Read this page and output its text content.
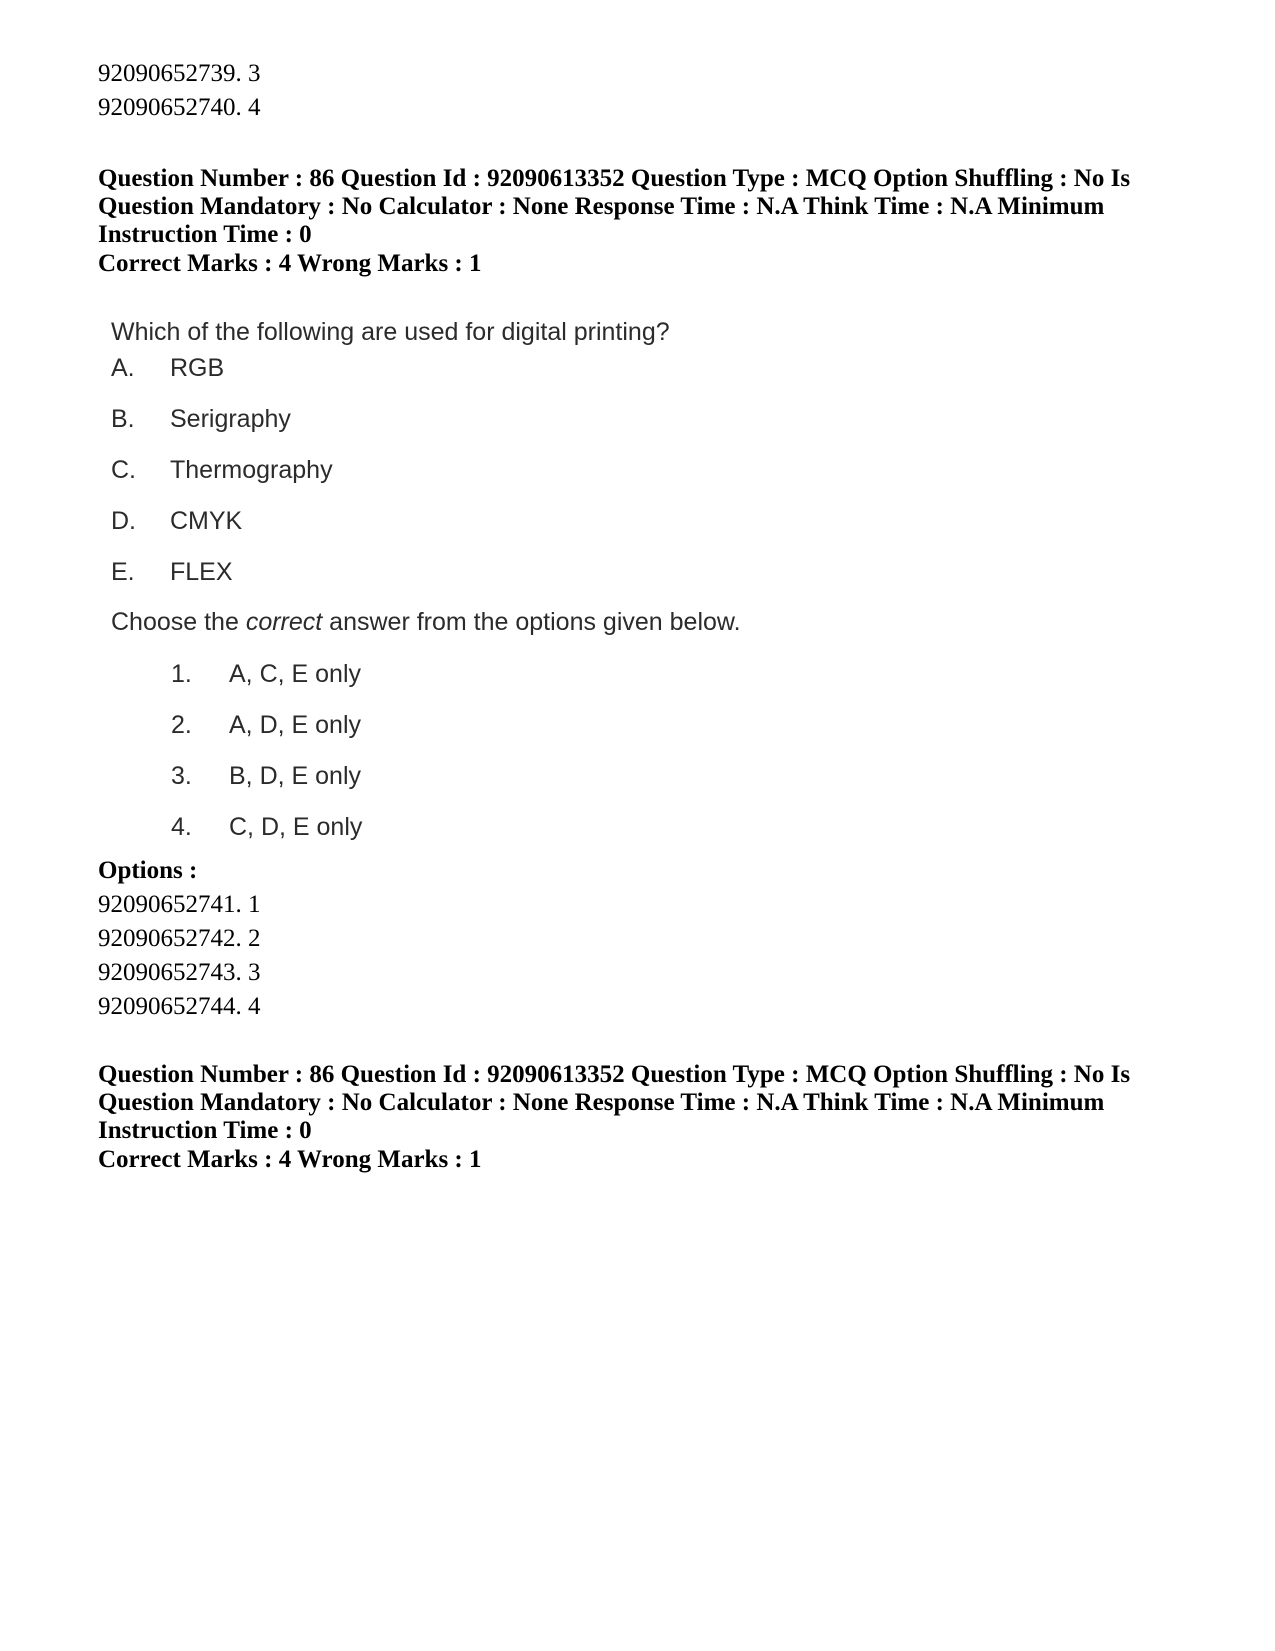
92090652739. 3
92090652740. 4
Question Number : 86 Question Id : 92090613352 Question Type : MCQ Option Shuffling : No Is Question Mandatory : No Calculator : None Response Time : N.A Think Time : N.A Minimum Instruction Time : 0
Correct Marks : 4 Wrong Marks : 1
Which of the following are used for digital printing?
A. RGB
B. Serigraphy
C. Thermography
D. CMYK
E. FLEX
Choose the correct answer from the options given below.
1. A, C, E only
2. A, D, E only
3. B, D, E only
4. C, D, E only
Options :
92090652741. 1
92090652742. 2
92090652743. 3
92090652744. 4
Question Number : 86 Question Id : 92090613352 Question Type : MCQ Option Shuffling : No Is Question Mandatory : No Calculator : None Response Time : N.A Think Time : N.A Minimum Instruction Time : 0
Correct Marks : 4 Wrong Marks : 1
